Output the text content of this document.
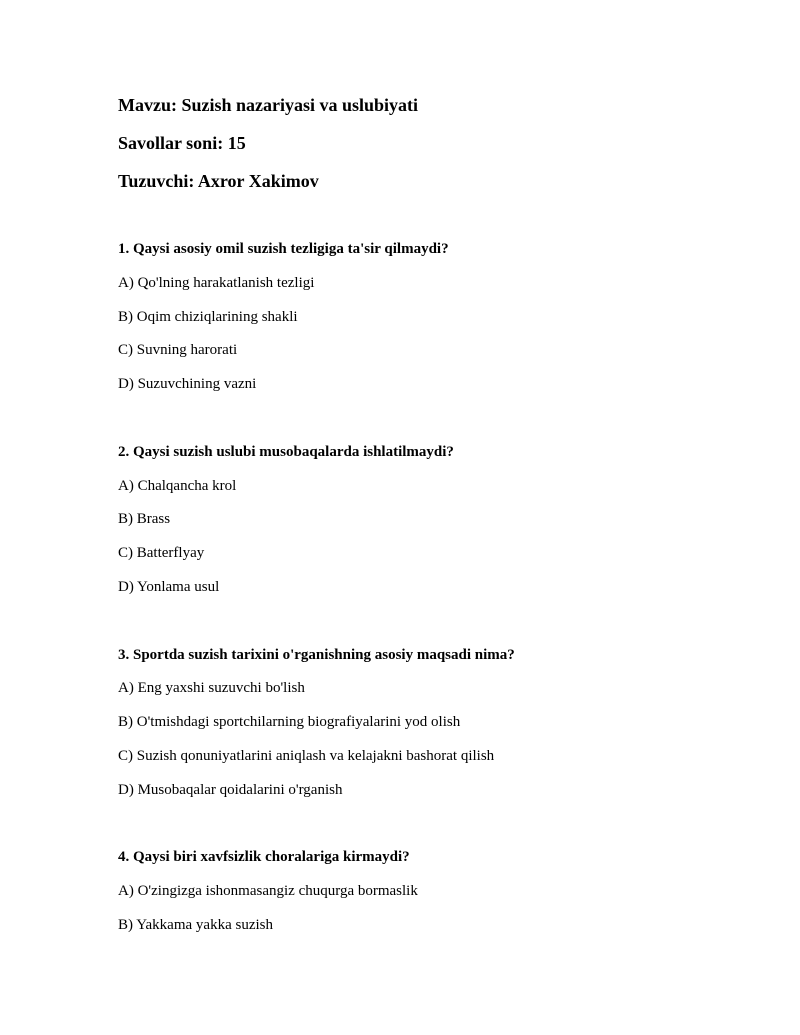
Mavzu: Suzish nazariyasi va uslubiyati

Savollar soni: 15

Tuzuvchi: Axror Xakimov

1. Qaysi asosiy omil suzish tezligiga ta'sir qilmaydi?

A) Qo'lning harakatlanish tezligi

B) Oqim chiziqlarining shakli

C) Suvning harorati

D) Suzuvchining vazni

2. Qaysi suzish uslubi musobaqalarda ishlatilmaydi?

A) Chalqancha krol

B) Brass

C) Batterflyay

D) Yonlama usul

3. Sportda suzish tarixini o'rganishning asosiy maqsadi nima?

A) Eng yaxshi suzuvchi bo'lish

B) O'tmishdagi sportchilarning biografiyalarini yod olish

C) Suzish qonuniyatlarini aniqlash va kelajakni bashorat qilish

D) Musobaqalar qoidalarini o'rganish

4. Qaysi biri xavfsizlik choralariga kirmaydi?

A) O'zingizga ishonmasangiz chuqurga bormaslik

B) Yakkama yakka suzish
